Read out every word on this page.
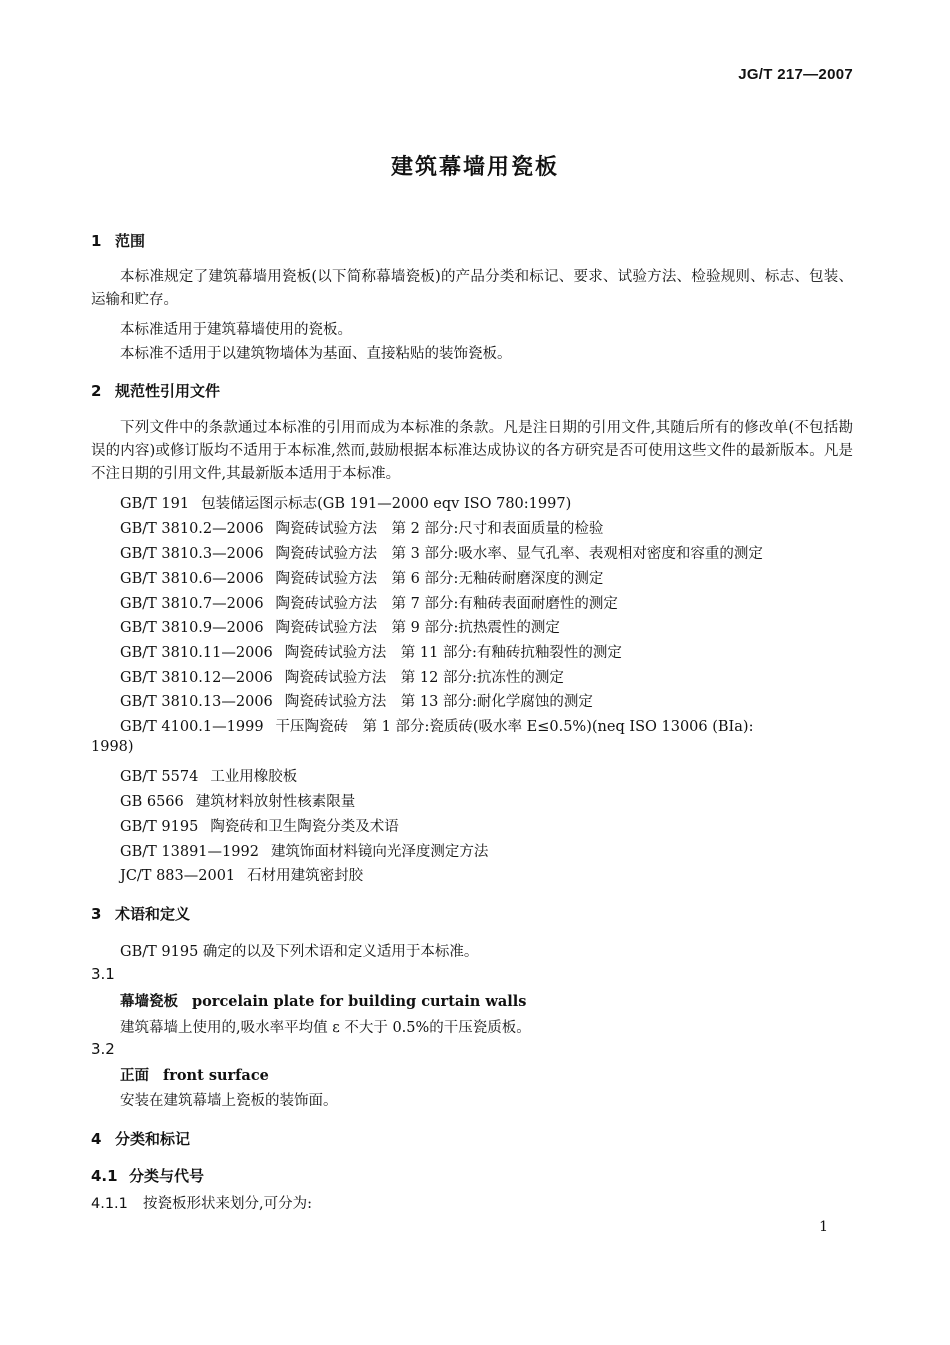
JG/T 217—2007
建筑幕墙用瓷板
1 范围
本标准规定了建筑幕墙用瓷板(以下简称幕墙瓷板)的产品分类和标记、要求、试验方法、检验规则、标志、包装、运输和贮存。
本标准适用于建筑幕墙使用的瓷板。
本标准不适用于以建筑物墙体为基面、直接粘贴的装饰瓷板。
2 规范性引用文件
下列文件中的条款通过本标准的引用而成为本标准的条款。凡是注日期的引用文件,其随后所有的修改单(不包括勘误的内容)或修订版均不适用于本标准,然而,鼓励根据本标准达成协议的各方研究是否可使用这些文件的最新版本。凡是不注日期的引用文件,其最新版本适用于本标准。
GB/T 191 包装储运图示标志(GB 191—2000 eqv ISO 780:1997)
GB/T 3810.2—2006 陶瓷砖试验方法　第 2 部分:尺寸和表面质量的检验
GB/T 3810.3—2006 陶瓷砖试验方法　第 3 部分:吸水率、显气孔率、表观相对密度和容重的测定
GB/T 3810.6—2006 陶瓷砖试验方法　第 6 部分:无釉砖耐磨深度的测定
GB/T 3810.7—2006 陶瓷砖试验方法　第 7 部分:有釉砖表面耐磨性的测定
GB/T 3810.9—2006 陶瓷砖试验方法　第 9 部分:抗热震性的测定
GB/T 3810.11—2006 陶瓷砖试验方法　第 11 部分:有釉砖抗釉裂性的测定
GB/T 3810.12—2006 陶瓷砖试验方法　第 12 部分:抗冻性的测定
GB/T 3810.13—2006 陶瓷砖试验方法　第 13 部分:耐化学腐蚀的测定
GB/T 4100.1—1999 干压陶瓷砖　第 1 部分:瓷质砖(吸水率 E≤0.5%)(neq ISO 13006 (BIa):
1998)
GB/T 5574 工业用橡胶板
GB 6566 建筑材料放射性核素限量
GB/T 9195 陶瓷砖和卫生陶瓷分类及术语
GB/T 13891—1992 建筑饰面材料镜向光泽度测定方法
JC/T 883—2001 石材用建筑密封胶
3 术语和定义
GB/T 9195 确定的以及下列术语和定义适用于本标准。
3.1
幕墙瓷板 porcelain plate for building curtain walls
建筑幕墙上使用的,吸水率平均值 ε 不大于 0.5%的干压瓷质板。
3.2
正面 front surface
安装在建筑幕墙上瓷板的装饰面。
4 分类和标记
4.1 分类与代号
4.1.1 按瓷板形状来划分,可分为:
1
